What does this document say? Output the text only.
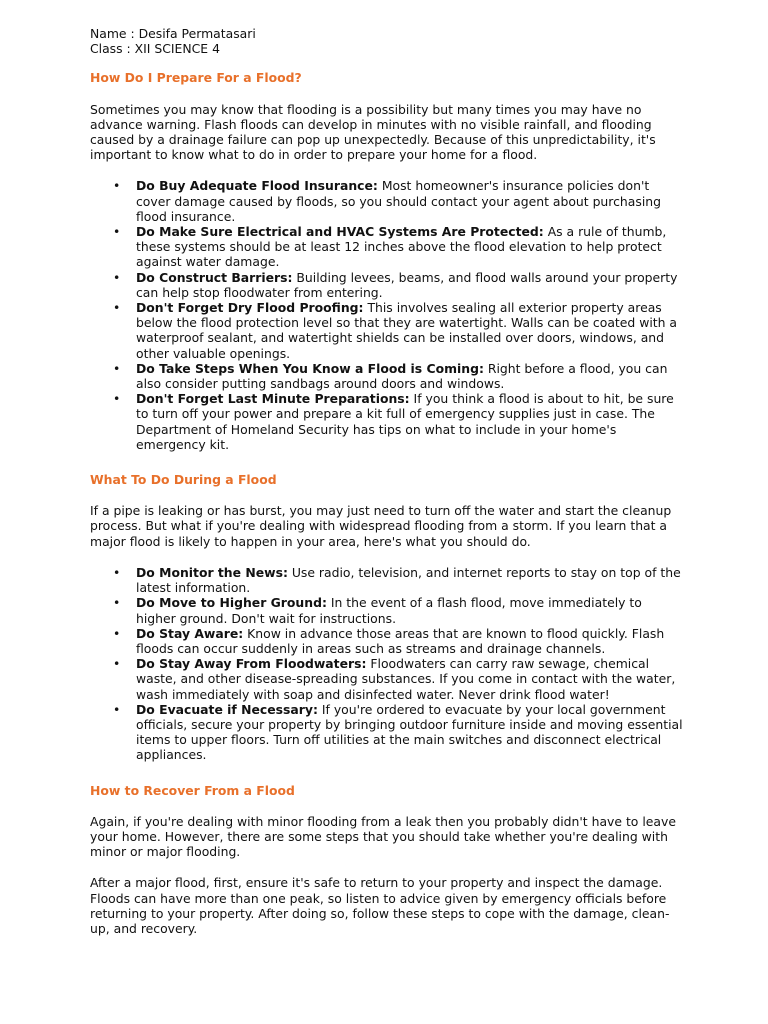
Name : Desifa Permatasari

Class : XII SCIENCE 4

How Do I Prepare For a Flood?

Sometimes you may know that flooding is a possibility but many times you may have no advance warning. Flash floods can develop in minutes with no visible rainfall, and flooding caused by a drainage failure can pop up unexpectedly. Because of this unpredictability, it's important to know what to do in order to prepare your home for a flood.

• Do Buy Adequate Flood Insurance: Most homeowner's insurance policies don't cover damage caused by floods, so you should contact your agent about purchasing flood insurance.
• Do Make Sure Electrical and HVAC Systems Are Protected: As a rule of thumb, these systems should be at least 12 inches above the flood elevation to help protect against water damage.
• Do Construct Barriers: Building levees, beams, and flood walls around your property can help stop floodwater from entering.
• Don't Forget Dry Flood Proofing: This involves sealing all exterior property areas below the flood protection level so that they are watertight. Walls can be coated with a waterproof sealant, and watertight shields can be installed over doors, windows, and other valuable openings.
• Do Take Steps When You Know a Flood is Coming: Right before a flood, you can also consider putting sandbags around doors and windows.
• Don't Forget Last Minute Preparations: If you think a flood is about to hit, be sure to turn off your power and prepare a kit full of emergency supplies just in case. The Department of Homeland Security has tips on what to include in your home's emergency kit.
What To Do During a Flood

If a pipe is leaking or has burst, you may just need to turn off the water and start the cleanup process. But what if you're dealing with widespread flooding from a storm. If you learn that a major flood is likely to happen in your area, here's what you should do.

• Do Monitor the News: Use radio, television, and internet reports to stay on top of the latest information.
• Do Move to Higher Ground: In the event of a flash flood, move immediately to higher ground. Don't wait for instructions.
• Do Stay Aware: Know in advance those areas that are known to flood quickly. Flash floods can occur suddenly in areas such as streams and drainage channels.
• Do Stay Away From Floodwaters: Floodwaters can carry raw sewage, chemical waste, and other disease-spreading substances. If you come in contact with the water, wash immediately with soap and disinfected water. Never drink flood water!
• Do Evacuate if Necessary: If you're ordered to evacuate by your local government officials, secure your property by bringing outdoor furniture inside and moving essential items to upper floors. Turn off utilities at the main switches and disconnect electrical appliances.
How to Recover From a Flood

Again, if you're dealing with minor flooding from a leak then you probably didn't have to leave your home. However, there are some steps that you should take whether you're dealing with minor or major flooding.

After a major flood, first, ensure it's safe to return to your property and inspect the damage. Floods can have more than one peak, so listen to advice given by emergency officials before returning to your property. After doing so, follow these steps to cope with the damage, clean-up, and recovery.
